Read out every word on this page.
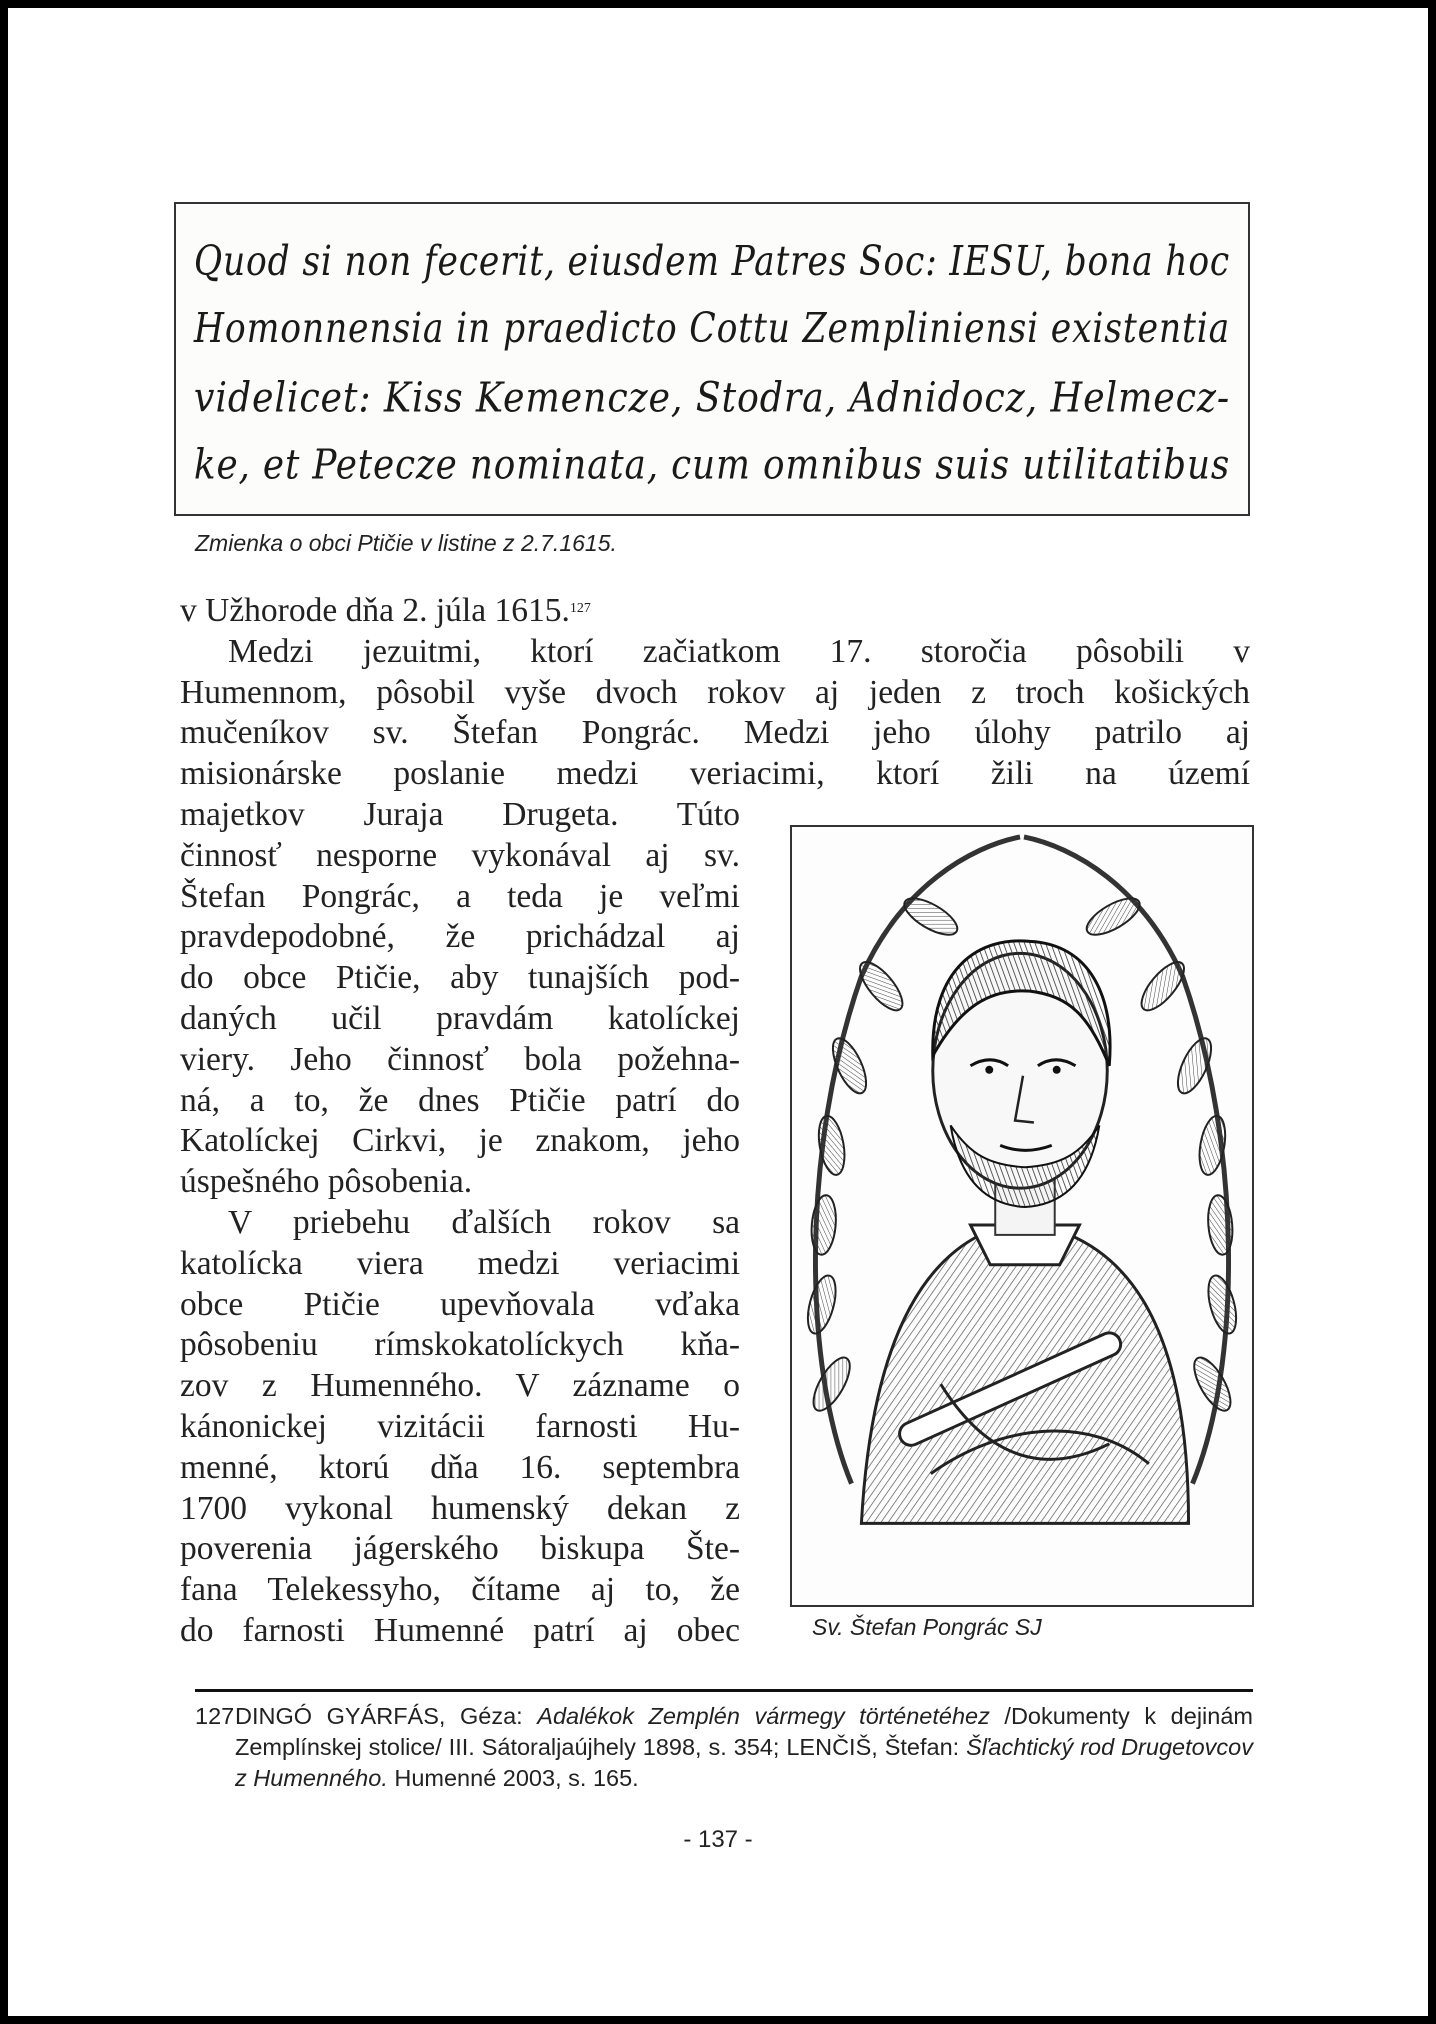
Quod si non fecerit, eiusdem Patres Soc: IESU, bona hoc
Homonnensia in praedicto Cottu Zempliniensi existentia
videlicet: Kiss Kemencze, Stodra, Adnidocz, Helmecz-
ke, et Petecze nominata, cum omnibus suis utilitatibus
Zmienka o obci Ptičie v listine z 2.7.1615.
v Užhorode dňa 2. júla 1615.$^{127}$
Medzi jezuitmi, ktorí začiatkom 17. storočia pôsobili v
Humennom, pôsobil vyše dvoch rokov aj jeden z troch košických
mučeníkov sv. Štefan Pongrác. Medzi jeho úlohy patrilo aj
misionárske poslanie medzi veriacimi, ktorí žili na území
majetkov Juraja Drugeta. Túto
činnosť nesporne vykonával aj sv.
Štefan Pongrác, a teda je veľmi
pravdepodobné, že prichádzal aj
do obce Ptičie, aby tunajších pod-
daných učil pravdám katolíckej
viery. Jeho činnosť bola požehna-
ná, a to, že dnes Ptičie patrí do
Katolíckej Cirkvi, je znakom, jeho
úspešného pôsobenia.
V priebehu ďalších rokov sa
katolícka viera medzi veriacimi
obce Ptičie upevňovala vďaka
pôsobeniu rímskokatolíckych kňa-
zov z Humenného. V zázname o
kánonickej vizitácii farnosti Hu-
menné, ktorú dňa 16. septembra
1700 vykonal humenský dekan z
poverenia jágerského biskupa Šte-
fana Telekessyho, čítame aj to, že
do farnosti Humenné patrí aj obec	Sv. Štefan Pongrác SJ
127 DINGÓ GYÁRFÁS, Géza: Adalékok Zemplén vármegy történetéhez /Dokumenty k dejinám Zemplínskej stolice/ III. Sátoraljaújhely 1898, s. 354; LENČIŠ, Štefan: Šľachtický rod Drugetovcov z Humenného. Humenné 2003, s. 165.
- 137 -
